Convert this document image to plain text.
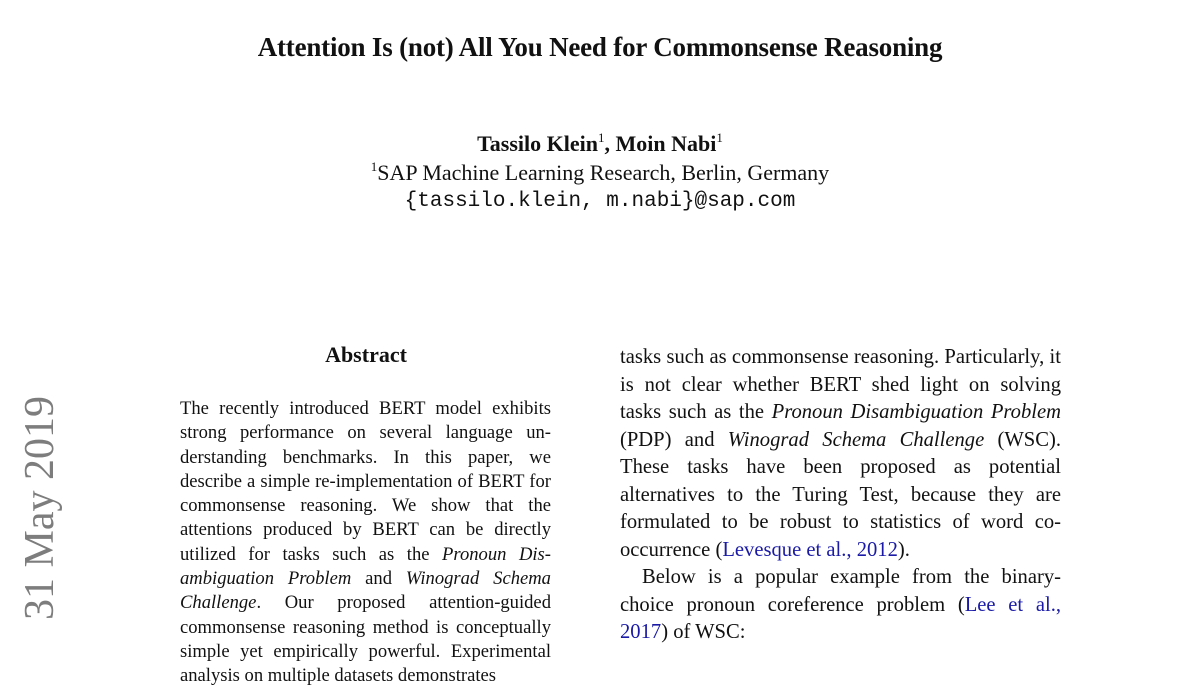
Attention Is (not) All You Need for Commonsense Reasoning
Tassilo Klein$^1$, Moin Nabi$^1$
$^1$SAP Machine Learning Research, Berlin, Germany
{tassilo.klein, m.nabi}@sap.com
31 May 2019
Abstract
The recently introduced BERT model exhibits strong performance on several language understanding benchmarks. In this paper, we describe a simple re-implementation of BERT for commonsense reasoning. We show that the attentions produced by BERT can be directly utilized for tasks such as the Pronoun Disambiguation Problem and Winograd Schema Challenge. Our proposed attention-guided commonsense reasoning method is conceptually simple yet empirically powerful. Experimental analysis on multiple datasets demonstrates

tasks such as commonsense reasoning. Particularly, it is not clear whether BERT shed light on solving tasks such as the Pronoun Disambiguation Problem (PDP) and Winograd Schema Challenge (WSC). These tasks have been proposed as potential alternatives to the Turing Test, because they are formulated to be robust to statistics of word co-occurrence (Levesque et al., 2012).

Below is a popular example from the binary-choice pronoun coreference problem (Lee et al., 2017) of WSC:
